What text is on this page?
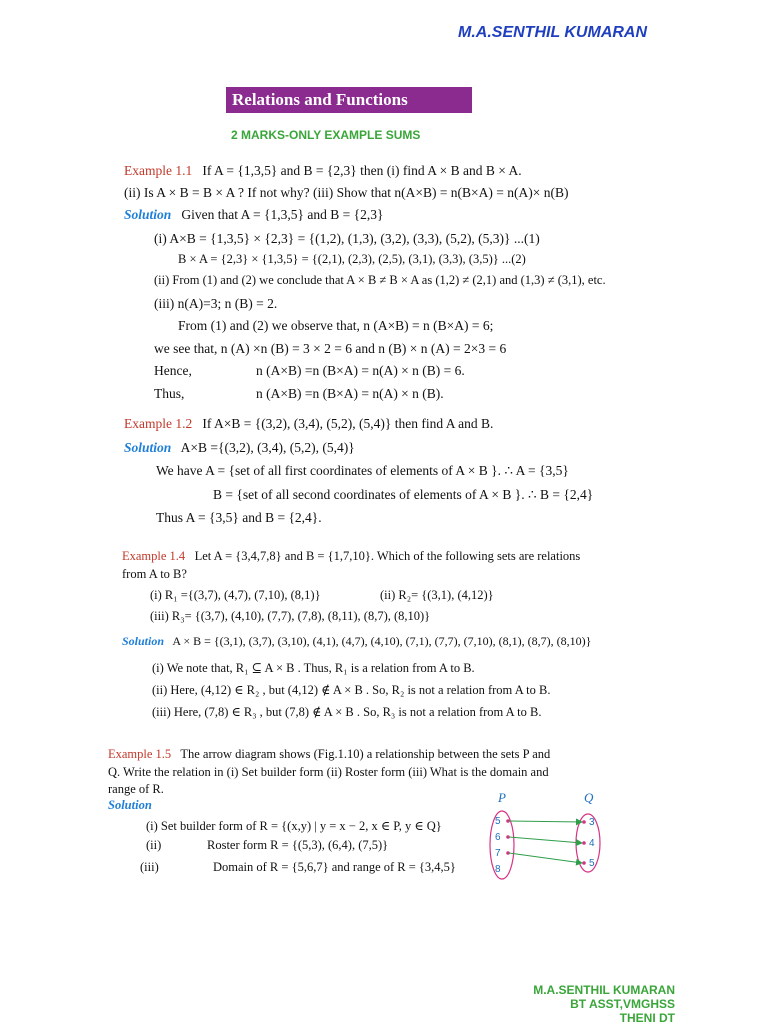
M.A.SENTHIL KUMARAN
Relations and Functions
2 MARKS-ONLY EXAMPLE SUMS
Example 1.1 If A = {1,3,5} and B = {2,3} then (i) find A × B and B × A.
(ii) Is A × B = B × A ? If not why? (iii) Show that n(A×B) = n(B×A) = n(A)× n(B)
Solution Given that A = {1,3,5} and B = {2,3}
(i) A×B = {1,3,5} × {2,3} = {(1,2), (1,3), (3,2), (3,3), (5,2), (5,3)} ...(1)
B × A = {2,3} × {1,3,5} = {(2,1), (2,3), (2,5), (3,1), (3,3), (3,5)} ...(2)
(ii) From (1) and (2) we conclude that A × B ≠ B × A as (1,2) ≠ (2,1) and (1,3) ≠ (3,1), etc.
(iii) n(A)=3; n (B) = 2.
From (1) and (2) we observe that, n (A×B) = n (B×A) = 6;
we see that, n (A) ×n (B) = 3 × 2 = 6 and n (B) × n (A) = 2×3 = 6
Hence,	n (A×B) =n (B×A) = n(A) × n (B) = 6.
Thus,	n (A×B) =n (B×A) = n(A) × n (B).
Example 1.2 If A×B = {(3,2), (3,4), (5,2), (5,4)} then find A and B.
Solution A×B ={(3,2), (3,4), (5,2), (5,4)}
We have A = {set of all first coordinates of elements of A × B }. ∴ A = {3,5}
B = {set of all second coordinates of elements of A × B }. ∴ B = {2,4}
Thus A = {3,5} and B = {2,4}.
Example 1.4 Let A = {3,4,7,8} and B = {1,7,10}. Which of the following sets are relations
from A to B?
(i) R₁ ={(3,7), (4,7), (7,10), (8,1)}	(ii) R₂= {(3,1), (4,12)}
(iii) R₃= {(3,7), (4,10), (7,7), (7,8), (8,11), (8,7), (8,10)}
Solution A × B = {(3,1), (3,7), (3,10), (4,1), (4,7), (4,10), (7,1), (7,7), (7,10), (8,1), (8,7), (8,10)}
(i) We note that, R₁ ⊆ A × B . Thus, R₁ is a relation from A to B.
(ii) Here, (4,12) ∈ R₂ , but (4,12) ∉ A × B . So, R₂ is not a relation from A to B.
(iii) Here, (7,8) ∈ R₃ , but (7,8) ∉ A × B . So, R₃ is not a relation from A to B.
Example 1.5 The arrow diagram shows (Fig.1.10) a relationship between the sets P and
Q. Write the relation in (i) Set builder form (ii) Roster form (iii) What is the domain and
range of R.
Solution
(i) Set builder form of R = {(x,y) | y = x − 2, x ∈ P, y ∈ Q}
(ii)	Roster form R = {(5,3), (6,4), (7,5)}
(iii)	Domain of R = {5,6,7} and range of R = {3,4,5}
P	Q
5
6
7
8
3
4
5
M.A.SENTHIL KUMARAN
BT ASST,VMGHSS
THENI DT
